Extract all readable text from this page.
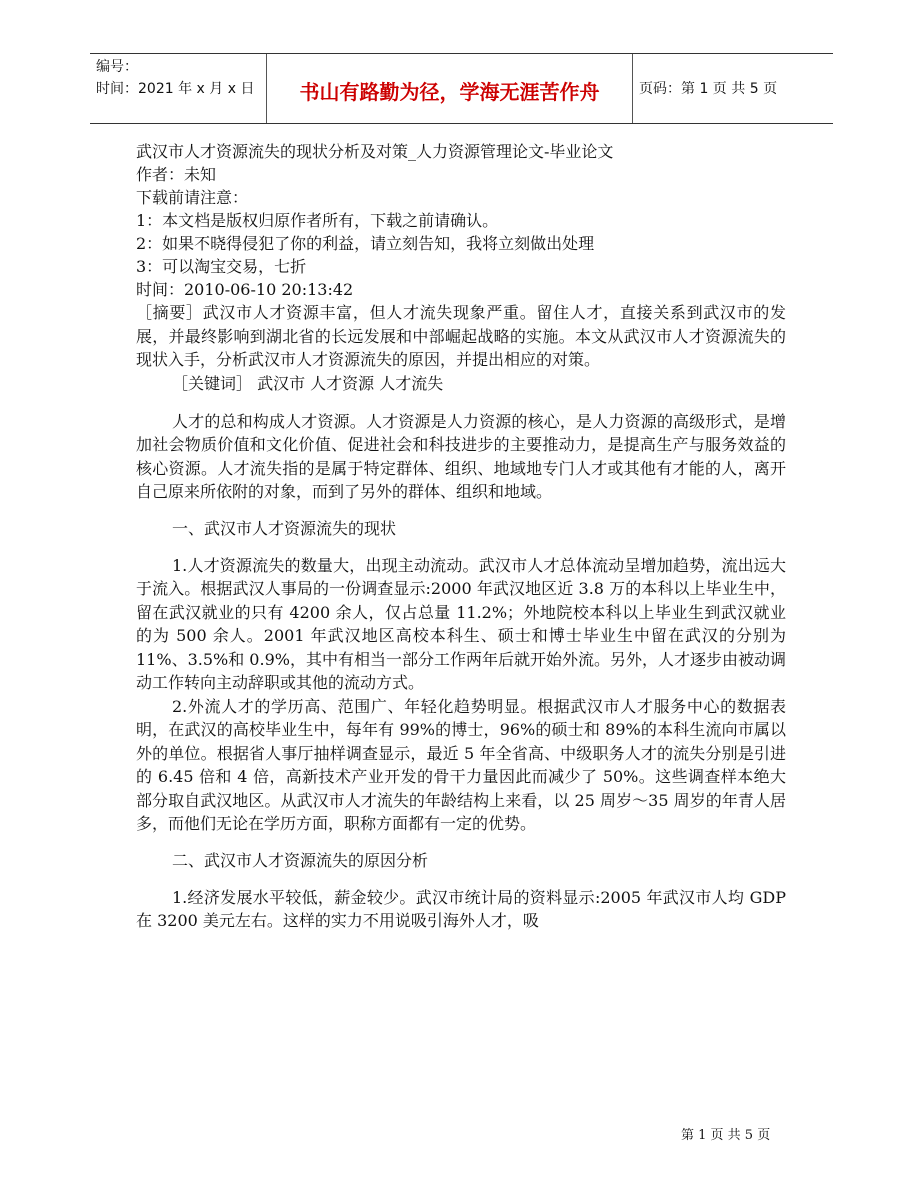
编号：
时间：2021 年 x 月 x 日	书山有路勤为径，学海无涯苦作舟	页码：第 1 页 共 5 页
武汉市人才资源流失的现状分析及对策_人力资源管理论文-毕业论文
作者：未知
下载前请注意：
1：本文档是版权归原作者所有，下载之前请确认。
2：如果不晓得侵犯了你的利益，请立刻告知，我将立刻做出处理
3：可以淘宝交易，七折
时间：2010-06-10 20:13:42

［摘要］武汉市人才资源丰富，但人才流失现象严重。留住人才，直接关系到武汉市的发展，并最终影响到湖北省的长远发展和中部崛起战略的实施。本文从武汉市人才资源流失的现状入手，分析武汉市人才资源流失的原因，并提出相应的对策。

［关键词］ 武汉市 人才资源 人才流失

人才的总和构成人才资源。人才资源是人力资源的核心，是人力资源的高级形式，是增加社会物质价值和文化价值、促进社会和科技进步的主要推动力，是提高生产与服务效益的核心资源。人才流失指的是属于特定群体、组织、地域地专门人才或其他有才能的人，离开自己原来所依附的对象，而到了另外的群体、组织和地域。

一、武汉市人才资源流失的现状

1.人才资源流失的数量大，出现主动流动。武汉市人才总体流动呈增加趋势，流出远大于流入。根据武汉人事局的一份调查显示:2000 年武汉地区近 3.8 万的本科以上毕业生中，留在武汉就业的只有 4200 余人，仅占总量 11.2%；外地院校本科以上毕业生到武汉就业的为 500 余人。2001 年武汉地区高校本科生、硕士和博士毕业生中留在武汉的分别为 11%、3.5%和 0.9%，其中有相当一部分工作两年后就开始外流。另外，人才逐步由被动调动工作转向主动辞职或其他的流动方式。

2.外流人才的学历高、范围广、年轻化趋势明显。根据武汉市人才服务中心的数据表明，在武汉的高校毕业生中，每年有 99%的博士，96%的硕士和 89%的本科生流向市属以外的单位。根据省人事厅抽样调查显示，最近 5 年全省高、中级职务人才的流失分别是引进的 6.45 倍和 4 倍，高新技术产业开发的骨干力量因此而减少了 50%。这些调查样本绝大部分取自武汉地区。从武汉市人才流失的年龄结构上来看，以 25 周岁～35 周岁的年青人居多，而他们无论在学历方面，职称方面都有一定的优势。

二、武汉市人才资源流失的原因分析

1.经济发展水平较低，薪金较少。武汉市统计局的资料显示:2005 年武汉市人均 GDP 在 3200 美元左右。这样的实力不用说吸引海外人才，吸

第 1 页 共 5 页
